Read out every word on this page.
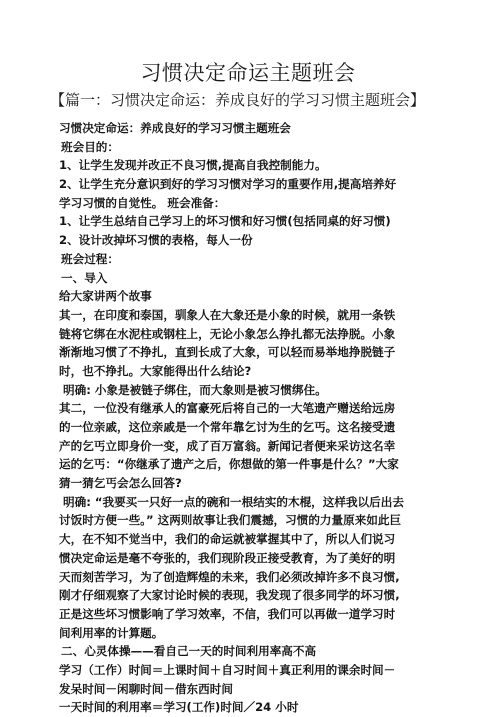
习惯决定命运主题班会
【篇一：习惯决定命运：养成良好的学习习惯主题班会】
习惯决定命运：养成良好的学习习惯主题班会
班会目的：
1、让学生发现并改正不良习惯,提高自我控制能力。
2、让学生充分意识到好的学习习惯对学习的重要作用,提高培养好
学习习惯的自觉性。 班会准备：
1、让学生总结自己学习上的坏习惯和好习惯(包括同桌的好习惯)
2、设计改掉坏习惯的表格，每人一份
班会过程：
一、导入
给大家讲两个故事
其一，在印度和泰国，驯象人在大象还是小象的时候，就用一条铁
链将它绑在水泥柱或钢柱上，无论小象怎么挣扎都无法挣脱。小象
渐渐地习惯了不挣扎，直到长成了大象，可以轻而易举地挣脱链子
时，也不挣扎。大家能得出什么结论?
明确: 小象是被链子绑住，而大象则是被习惯绑住。
其二，一位没有继承人的富豪死后将自己的一大笔遗产赠送给远房
的一位亲戚，这位亲戚是一个常年靠乞讨为生的乞丐。这名接受遗
产的乞丐立即身价一变，成了百万富翁。新闻记者便来采访这名幸
运的乞丐：“你继承了遗产之后，你想做的第一件事是什么？”大家
猜一猜乞丐会怎么回答?
明确: “我要买一只好一点的碗和一根结实的木棍，这样我以后出去
讨饭时方便一些。” 这两则故事让我们震撼，习惯的力量原来如此巨
大，在不知不觉当中，我们的命运就被掌握其中了，所以人们说习
惯决定命运是毫不夸张的，我们现阶段正接受教育，为了美好的明
天而刻苦学习，为了创造辉煌的未来，我们必须改掉许多不良习惯,
刚才仔细观察了大家讨论时候的表现，我发现了很多同学的坏习惯,
正是这些坏习惯影响了学习效率，不信，我们可以再做一道学习时
间利用率的计算题。
二、心灵体操——看自己一天的时间利用率高不高
学习（工作）时间＝上课时间＋自习时间＋真正利用的课余时间－
发呆时间－闲聊时间－借东西时间
一天时间的利用率＝学习(工作)时间／24 小时
